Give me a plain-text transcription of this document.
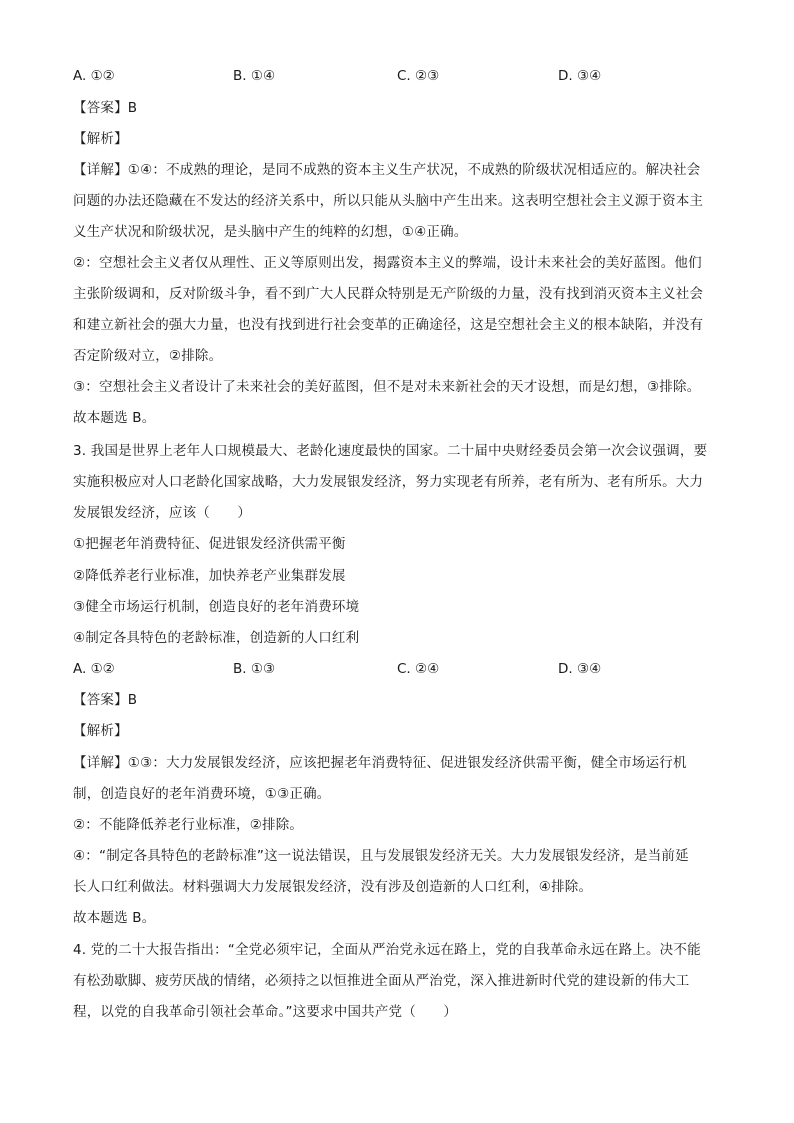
A. ①②	B. ①④	C. ②③	D. ③④
【答案】B
【解析】
【详解】①④：不成熟的理论，是同不成熟的资本主义生产状况，不成熟的阶级状况相适应的。解决社会
问题的办法还隐藏在不发达的经济关系中，所以只能从头脑中产生出来。这表明空想社会主义源于资本主
义生产状况和阶级状况，是头脑中产生的纯粹的幻想，①④正确。
②：空想社会主义者仅从理性、正义等原则出发，揭露资本主义的弊端，设计未来社会的美好蓝图。他们
主张阶级调和，反对阶级斗争，看不到广大人民群众特别是无产阶级的力量，没有找到消灭资本主义社会
和建立新社会的强大力量，也没有找到进行社会变革的正确途径，这是空想社会主义的根本缺陷，并没有
否定阶级对立，②排除。
③：空想社会主义者设计了未来社会的美好蓝图，但不是对未来新社会的天才设想，而是幻想，③排除。
故本题选 B。
3. 我国是世界上老年人口规模最大、老龄化速度最快的国家。二十届中央财经委员会第一次会议强调，要
实施积极应对人口老龄化国家战略，大力发展银发经济，努力实现老有所养，老有所为、老有所乐。大力
发展银发经济，应该（　　）
①把握老年消费特征、促进银发经济供需平衡
②降低养老行业标准，加快养老产业集群发展
③健全市场运行机制，创造良好的老年消费环境
④制定各具特色的老龄标准，创造新的人口红利
A. ①②	B. ①③	C. ②④	D. ③④
【答案】B
【解析】
【详解】①③：大力发展银发经济，应该把握老年消费特征、促进银发经济供需平衡，健全市场运行机
制，创造良好的老年消费环境，①③正确。
②：不能降低养老行业标准，②排除。
④：“制定各具特色的老龄标准”这一说法错误，且与发展银发经济无关。大力发展银发经济，是当前延
长人口红利做法。材料强调大力发展银发经济，没有涉及创造新的人口红利，④排除。
故本题选 B。
4. 党的二十大报告指出：“全党必须牢记，全面从严治党永远在路上，党的自我革命永远在路上。决不能
有松劲歇脚、疲劳厌战的情绪，必须持之以恒推进全面从严治党，深入推进新时代党的建设新的伟大工
程，以党的自我革命引领社会革命。”这要求中国共产党（　　）
